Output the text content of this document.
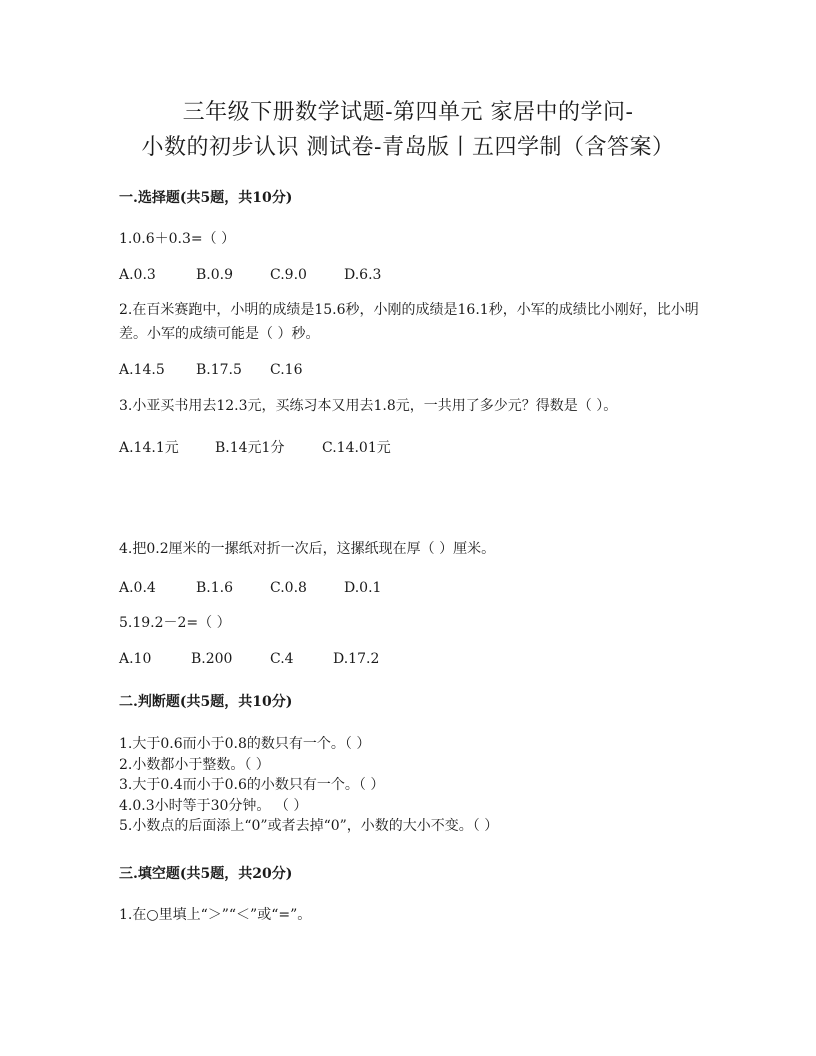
三年级下册数学试题-第四单元 家居中的学问-
小数的初步认识 测试卷-青岛版丨五四学制（含答案）
一.选择题(共5题，共10分)

1.0.6＋0.3=（ ）

A.0.3	B.0.9	C.9.0	D.6.3

2.在百米赛跑中，小明的成绩是15.6秒，小刚的成绩是16.1秒，小军的成绩比小刚好，比小明差。小军的成绩可能是（ ）秒。

A.14.5 B.17.5 C.16

3.小亚买书用去12.3元，买练习本又用去1.8元，一共用了多少元？得数是（ ）。

A.14.1元	B.14元1分	C.14.01元

4.把0.2厘米的一摞纸对折一次后，这摞纸现在厚（ ）厘米。

A.0.4	B.1.6	C.0.8	D.0.1

5.19.2－2=（ ）

A.10	B.200	C.4	D.17.2
二.判断题(共5题，共10分)
1.大于0.6而小于0.8的数只有一个。（ ）
2.小数都小于整数。（ ）
3.大于0.4而小于0.6的小数只有一个。（ ）
4.0.3小时等于30分钟。 （ ）
5.小数点的后面添上“0”或者去掉“0”，小数的大小不变。（ ）
三.填空题(共5题，共20分)

1.在○里填上“＞”“＜”或“=”。
